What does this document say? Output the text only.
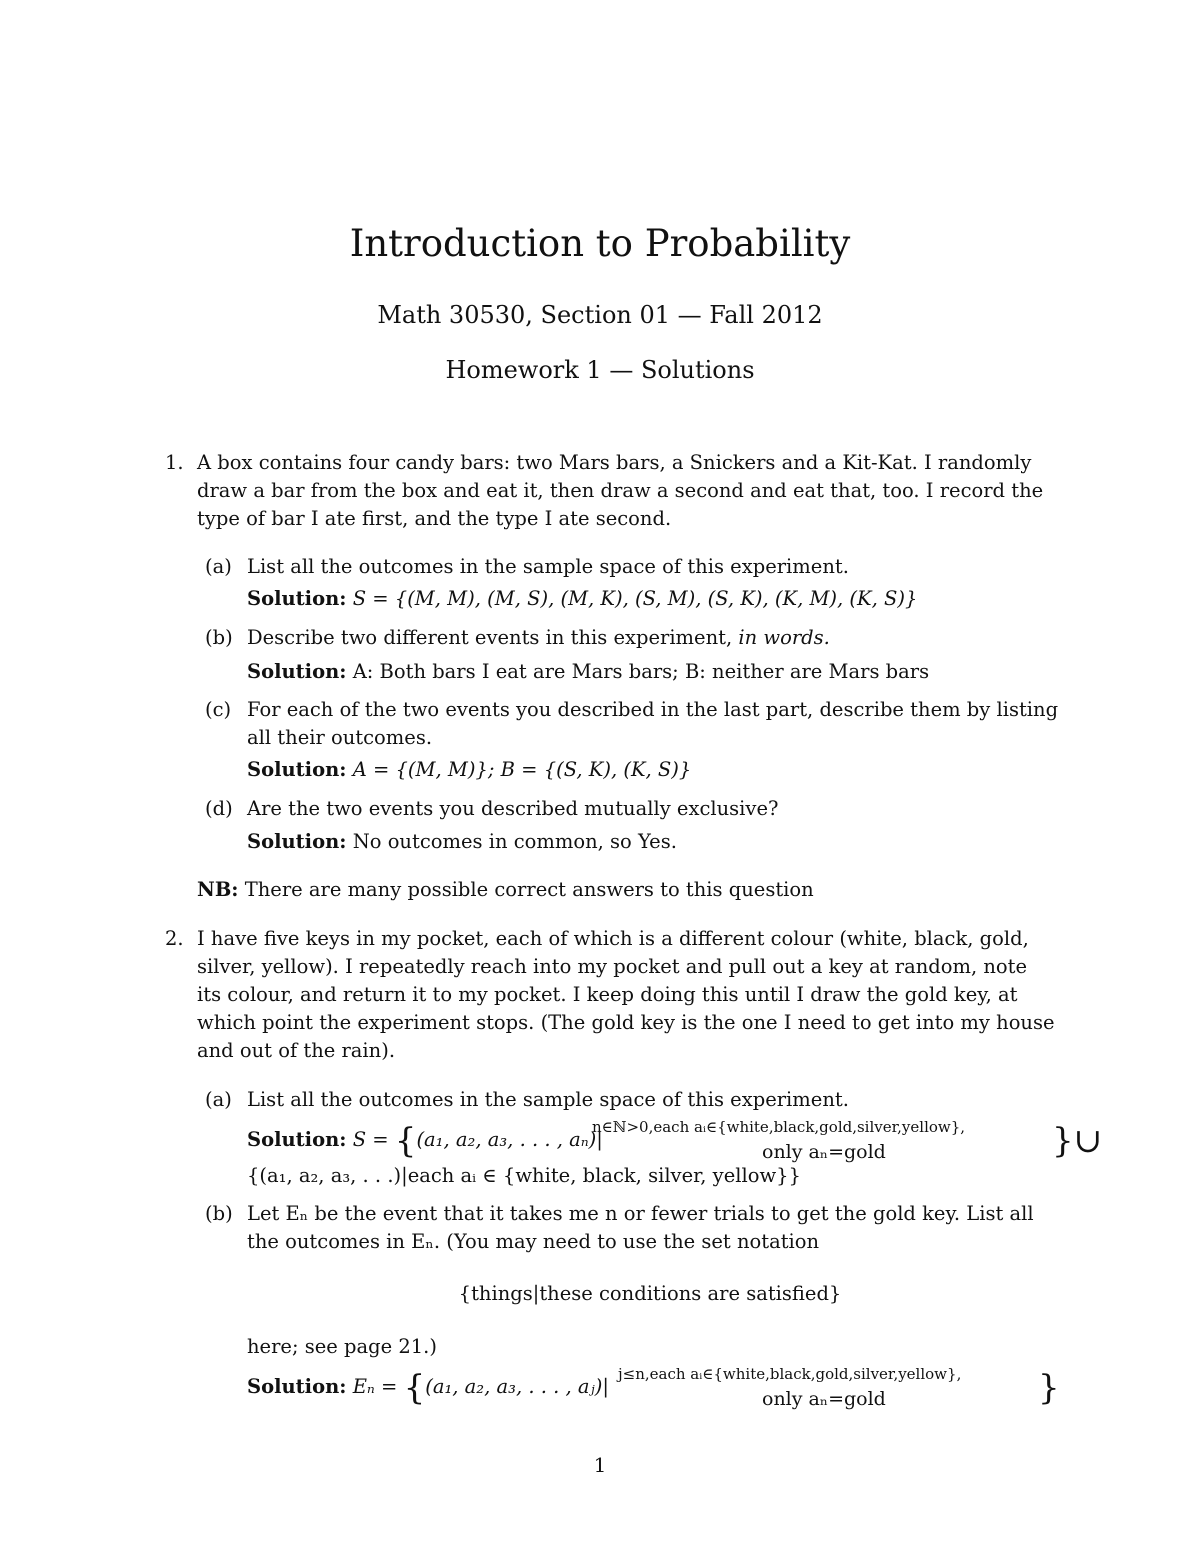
Introduction to Probability
Math 30530, Section 01 — Fall 2012
Homework 1 — Solutions
1. A box contains four candy bars: two Mars bars, a Snickers and a Kit-Kat. I randomly
draw a bar from the box and eat it, then draw a second and eat that, too. I record the
type of bar I ate first, and the type I ate second.
(a) List all the outcomes in the sample space of this experiment.
Solution: S = {(M, M), (M, S), (M, K), (S, M), (S, K), (K, M), (K, S)}
(b) Describe two different events in this experiment, in words.
Solution: A: Both bars I eat are Mars bars; B: neither are Mars bars
(c) For each of the two events you described in the last part, describe them by listing
all their outcomes.
Solution: A = {(M, M)}; B = {(S, K), (K, S)}
(d) Are the two events you described mutually exclusive?
Solution: No outcomes in common, so Yes.
NB: There are many possible correct answers to this question
2. I have five keys in my pocket, each of which is a different colour (white, black, gold,
silver, yellow). I repeatedly reach into my pocket and pull out a key at random, note
its colour, and return it to my pocket. I keep doing this until I draw the gold key, at
which point the experiment stops. (The gold key is the one I need to get into my house
and out of the rain).
(a) List all the outcomes in the sample space of this experiment.
Solution: S = {(a₁, a₂, a₃, . . . , aₙ)|
n∈ℕ>0,each aᵢ∈{white,black,gold,silver,yellow},
only aₙ=gold	}∪
{(a₁, a₂, a₃, . . .)|each aᵢ ∈ {white, black, silver, yellow}}
(b) Let Eₙ be the event that it takes me n or fewer trials to get the gold key. List all
the outcomes in Eₙ. (You may need to use the set notation
{things|these conditions are satisfied}
here; see page 21.)
Solution: Eₙ = {(a₁, a₂, a₃, . . . , aⱼ)|
j≤n,each aᵢ∈{white,black,gold,silver,yellow},
only aₙ=gold	}
1
